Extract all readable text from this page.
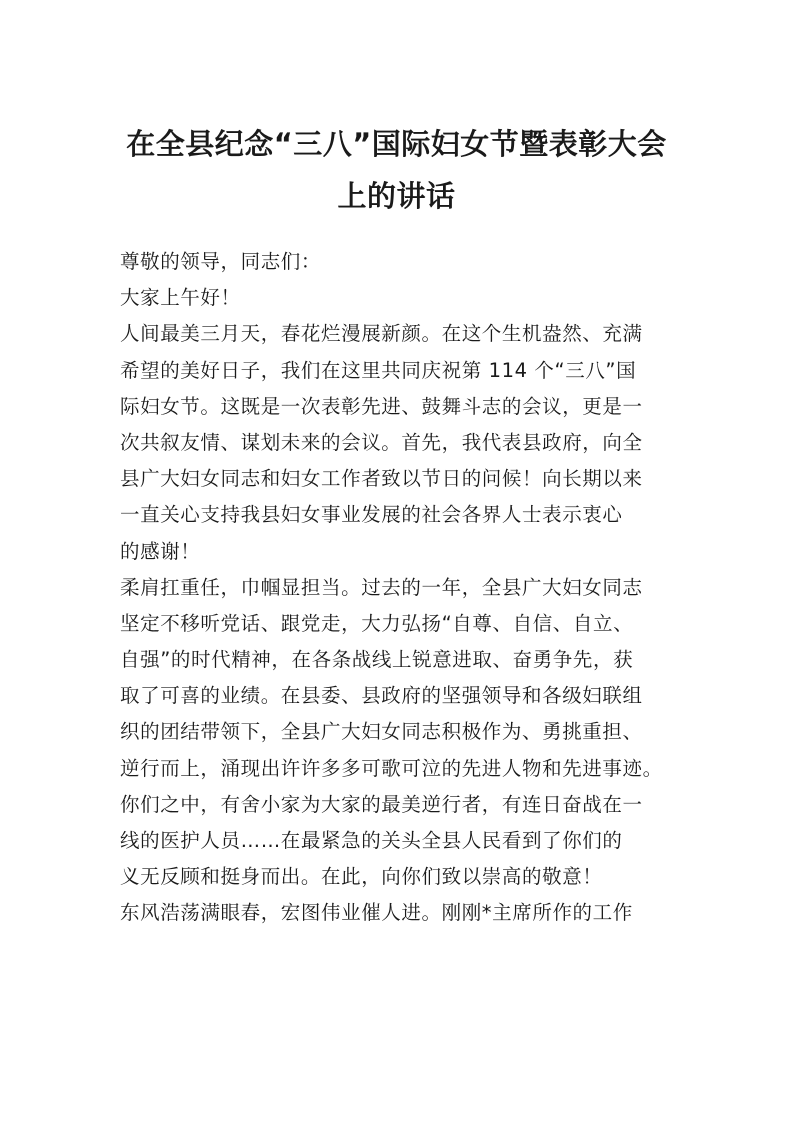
在全县纪念“三八”国际妇女节暨表彰大会
上的讲话
尊敬的领导，同志们：
大家上午好！
人间最美三月天，春花烂漫展新颜。在这个生机盎然、充满
希望的美好日子，我们在这里共同庆祝第 114 个“三八”国
际妇女节。这既是一次表彰先进、鼓舞斗志的会议，更是一
次共叙友情、谋划未来的会议。首先，我代表县政府，向全
县广大妇女同志和妇女工作者致以节日的问候！向长期以来
一直关心支持我县妇女事业发展的社会各界人士表示衷心
的感谢！
柔肩扛重任，巾帼显担当。过去的一年，全县广大妇女同志
坚定不移听党话、跟党走，大力弘扬“自尊、自信、自立、
自强”的时代精神，在各条战线上锐意进取、奋勇争先，获
取了可喜的业绩。在县委、县政府的坚强领导和各级妇联组
织的团结带领下，全县广大妇女同志积极作为、勇挑重担、
逆行而上，涌现出许许多多可歌可泣的先进人物和先进事迹。
你们之中，有舍小家为大家的最美逆行者，有连日奋战在一
线的医护人员……在最紧急的关头全县人民看到了你们的
义无反顾和挺身而出。在此，向你们致以崇高的敬意！
东风浩荡满眼春，宏图伟业催人进。刚刚*主席所作的工作
